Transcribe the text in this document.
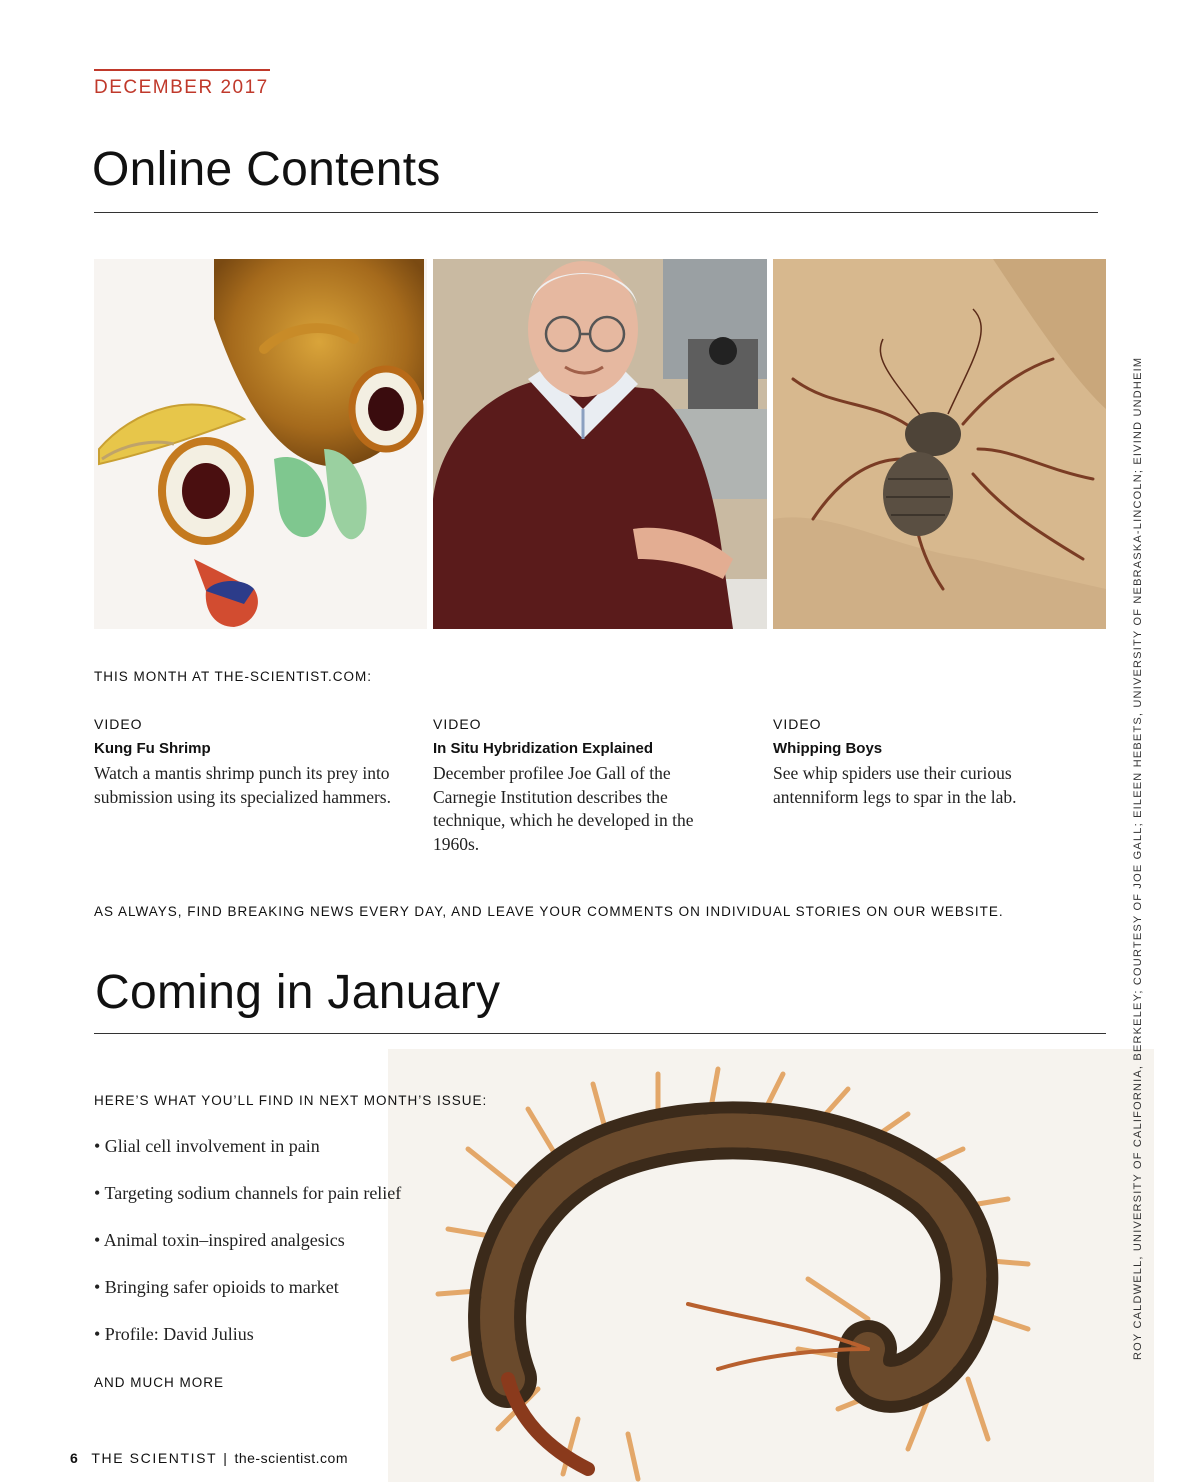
DECEMBER 2017
Online Contents
THIS MONTH AT THE-SCIENTIST.COM:
VIDEO
Kung Fu Shrimp
Watch a mantis shrimp punch its prey into submission using its specialized hammers.
VIDEO
In Situ Hybridization Explained
December profilee Joe Gall of the Carnegie Institution describes the technique, which he developed in the 1960s.
VIDEO
Whipping Boys
See whip spiders use their curious antenniform legs to spar in the lab.
AS ALWAYS, FIND BREAKING NEWS EVERY DAY, AND LEAVE YOUR COMMENTS ON INDIVIDUAL STORIES ON OUR WEBSITE.
Coming in January
HERE’S WHAT YOU’LL FIND IN NEXT MONTH’S ISSUE:
• Glial cell involvement in pain
• Targeting sodium channels for pain relief
• Animal toxin–inspired analgesics
• Bringing safer opioids to market
• Profile: David Julius
AND MUCH MORE
ROY CALDWELL, UNIVERSITY OF CALIFORNIA, BERKELEY; COURTESY OF JOE GALL; EILEEN HEBETS, UNIVERSITY OF NEBRASKA-LINCOLN; EIVIND UNDHEIM
6 THE SCIENTIST | the-scientist.com
